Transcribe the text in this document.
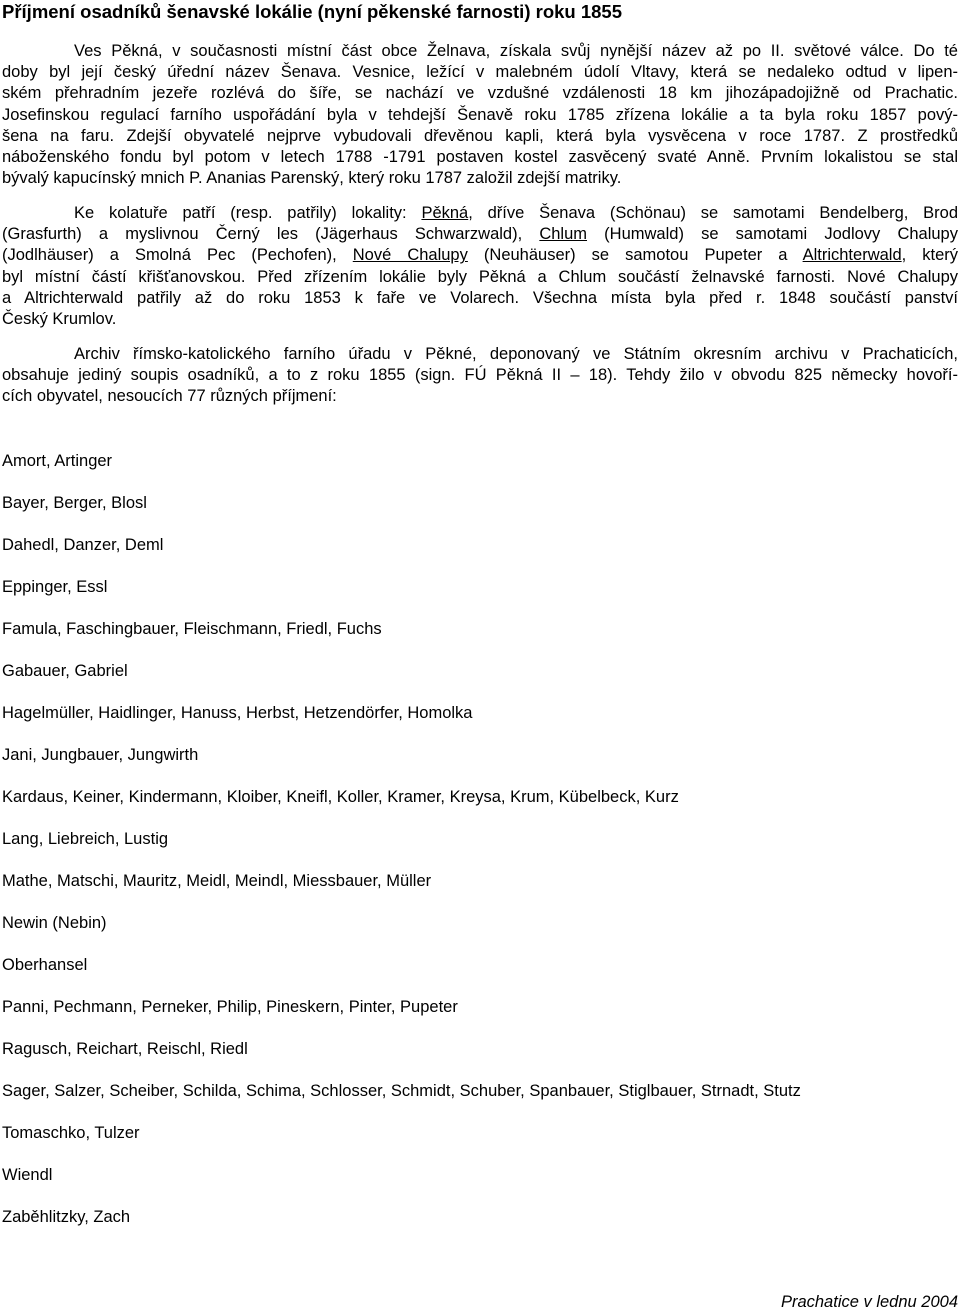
Příjmení osadníků šenavské lokálie (nyní pěkenské farnosti) roku 1855
Ves Pěkná, v současnosti místní část obce Želnava, získala svůj nynější název až po II. světové válce. Do té
doby byl její český úřední název Šenava. Vesnice, ležící v malebném údolí Vltavy, která se nedaleko odtud v lipen-
ském přehradním jezeře rozlévá do šíře, se nachází ve vzdušné vzdálenosti 18 km jihozápadojižně od Prachatic.
Josefinskou regulací farního uspořádání byla v tehdejší Šenavě roku 1785 zřízena lokálie a ta byla roku 1857 pový-
šena na faru. Zdejší obyvatelé nejprve vybudovali dřevěnou kapli, která byla vysvěcena v roce 1787. Z prostředků
náboženského fondu byl potom v letech 1788 -1791 postaven kostel zasvěcený svaté Anně. Prvním lokalistou se stal
bývalý kapucínský mnich P. Ananias Parenský, který roku 1787 založil zdejší matriky.
Ke kolatuře patří (resp. patřily) lokality: Pěkná, dříve Šenava (Schönau) se samotami Bendelberg, Brod
(Grasfurth) a myslivnou Černý les (Jägerhaus Schwarzwald), Chlum (Humwald) se samotami Jodlovy Chalupy
(Jodlhäuser) a Smolná Pec (Pechofen), Nové Chalupy (Neuhäuser) se samotou Pupeter a Altrichterwald, který
byl místní částí křišťanovskou. Před zřízením lokálie byly Pěkná a Chlum součástí želnavské farnosti. Nové Chalupy
a Altrichterwald patřily až do roku 1853 k faře ve Volarech. Všechna místa byla před r. 1848 součástí panství
Český Krumlov.
Archiv římsko-katolického farního úřadu v Pěkné, deponovaný ve Státním okresním archivu v Prachaticích,
obsahuje jediný soupis osadníků, a to z roku 1855 (sign. FÚ Pěkná II – 18). Tehdy žilo v obvodu 825 německy hovoří-
cích obyvatel, nesoucích 77 různých příjmení:
Amort, Artinger
Bayer, Berger, Blosl
Dahedl, Danzer, Deml
Eppinger, Essl
Famula, Faschingbauer, Fleischmann, Friedl, Fuchs
Gabauer, Gabriel
Hagelmüller, Haidlinger, Hanuss, Herbst, Hetzendörfer, Homolka
Jani, Jungbauer, Jungwirth
Kardaus, Keiner, Kindermann, Kloiber, Kneifl, Koller, Kramer, Kreysa, Krum, Kübelbeck, Kurz
Lang, Liebreich, Lustig
Mathe, Matschi, Mauritz, Meidl, Meindl, Miessbauer, Müller
Newin (Nebin)
Oberhansel
Panni, Pechmann, Perneker, Philip, Pineskern, Pinter, Pupeter
Ragusch, Reichart, Reischl, Riedl
Sager, Salzer, Scheiber, Schilda, Schima, Schlosser, Schmidt, Schuber, Spanbauer, Stiglbauer, Strnadt, Stutz
Tomaschko, Tulzer
Wiendl
Zaběhlitzky, Zach
Prachatice v lednu 2004
